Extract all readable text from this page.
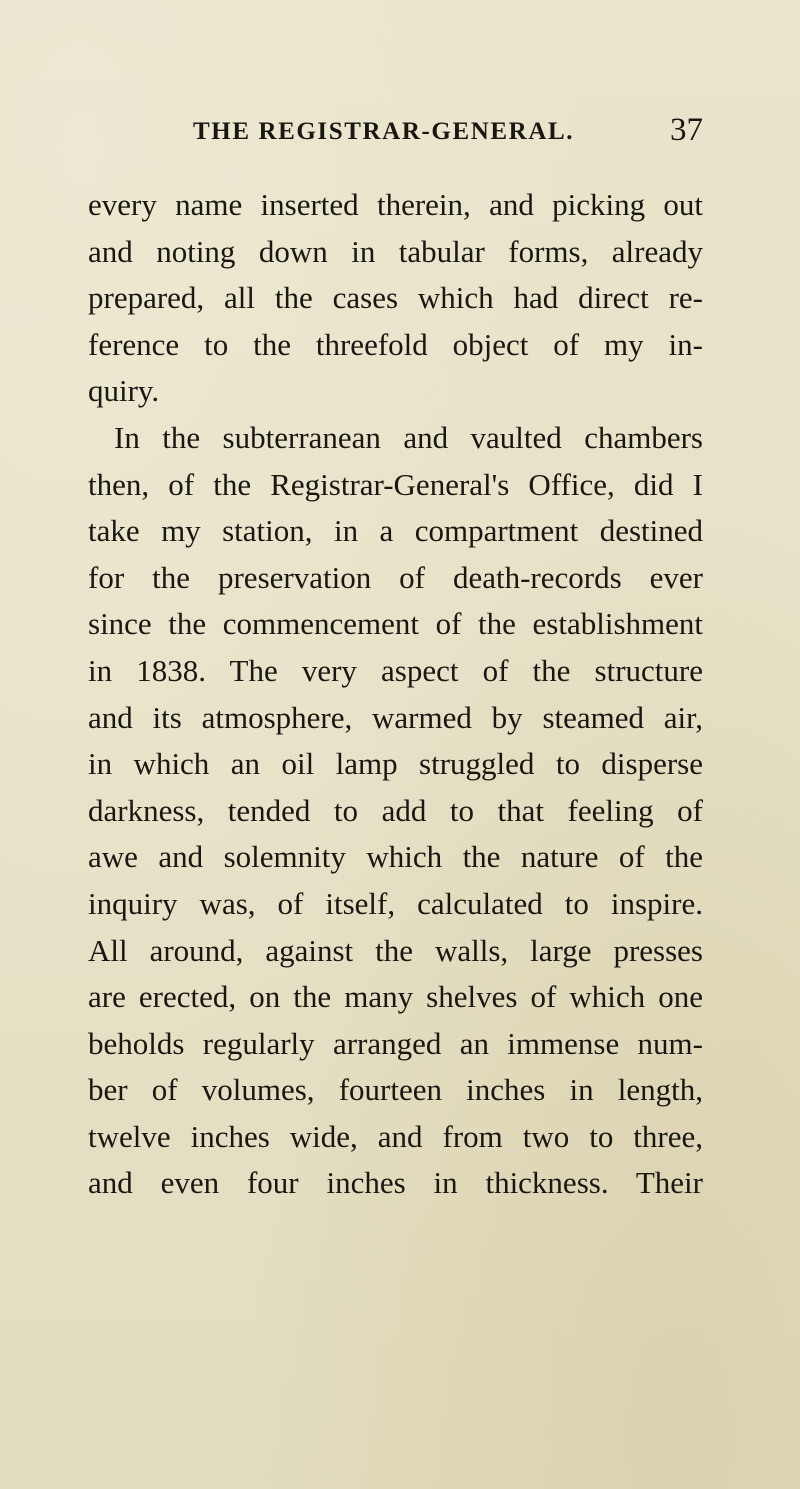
THE REGISTRAR-GENERAL.	37
every name inserted therein, and picking out
and noting down in tabular forms, already
prepared, all the cases which had direct re-
ference to the threefold object of my in-
quiry.
In the subterranean and vaulted chambers
then, of the Registrar-General's Office, did I
take my station, in a compartment destined
for the preservation of death-records ever
since the commencement of the establishment
in 1838. The very aspect of the structure
and its atmosphere, warmed by steamed air,
in which an oil lamp struggled to disperse
darkness, tended to add to that feeling of
awe and solemnity which the nature of the
inquiry was, of itself, calculated to inspire.
All around, against the walls, large presses
are erected, on the many shelves of which one
beholds regularly arranged an immense num-
ber of volumes, fourteen inches in length,
twelve inches wide, and from two to three,
and even four inches in thickness. Their
